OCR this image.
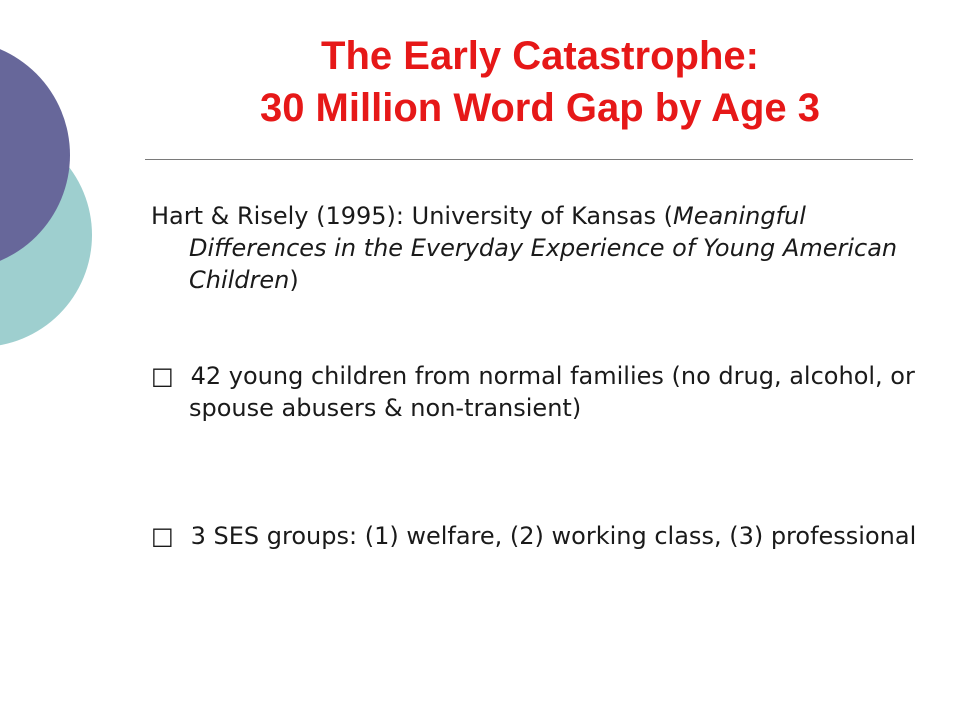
The Early Catastrophe:
30 Million Word Gap by Age 3

Hart & Risely (1995): University of Kansas (Meaningful Differences in the Everyday Experience of Young American Children)

□ 42 young children from normal families (no drug, alcohol, or spouse abusers & non-transient)

□ 3 SES groups: (1) welfare, (2) working class, (3) professional
